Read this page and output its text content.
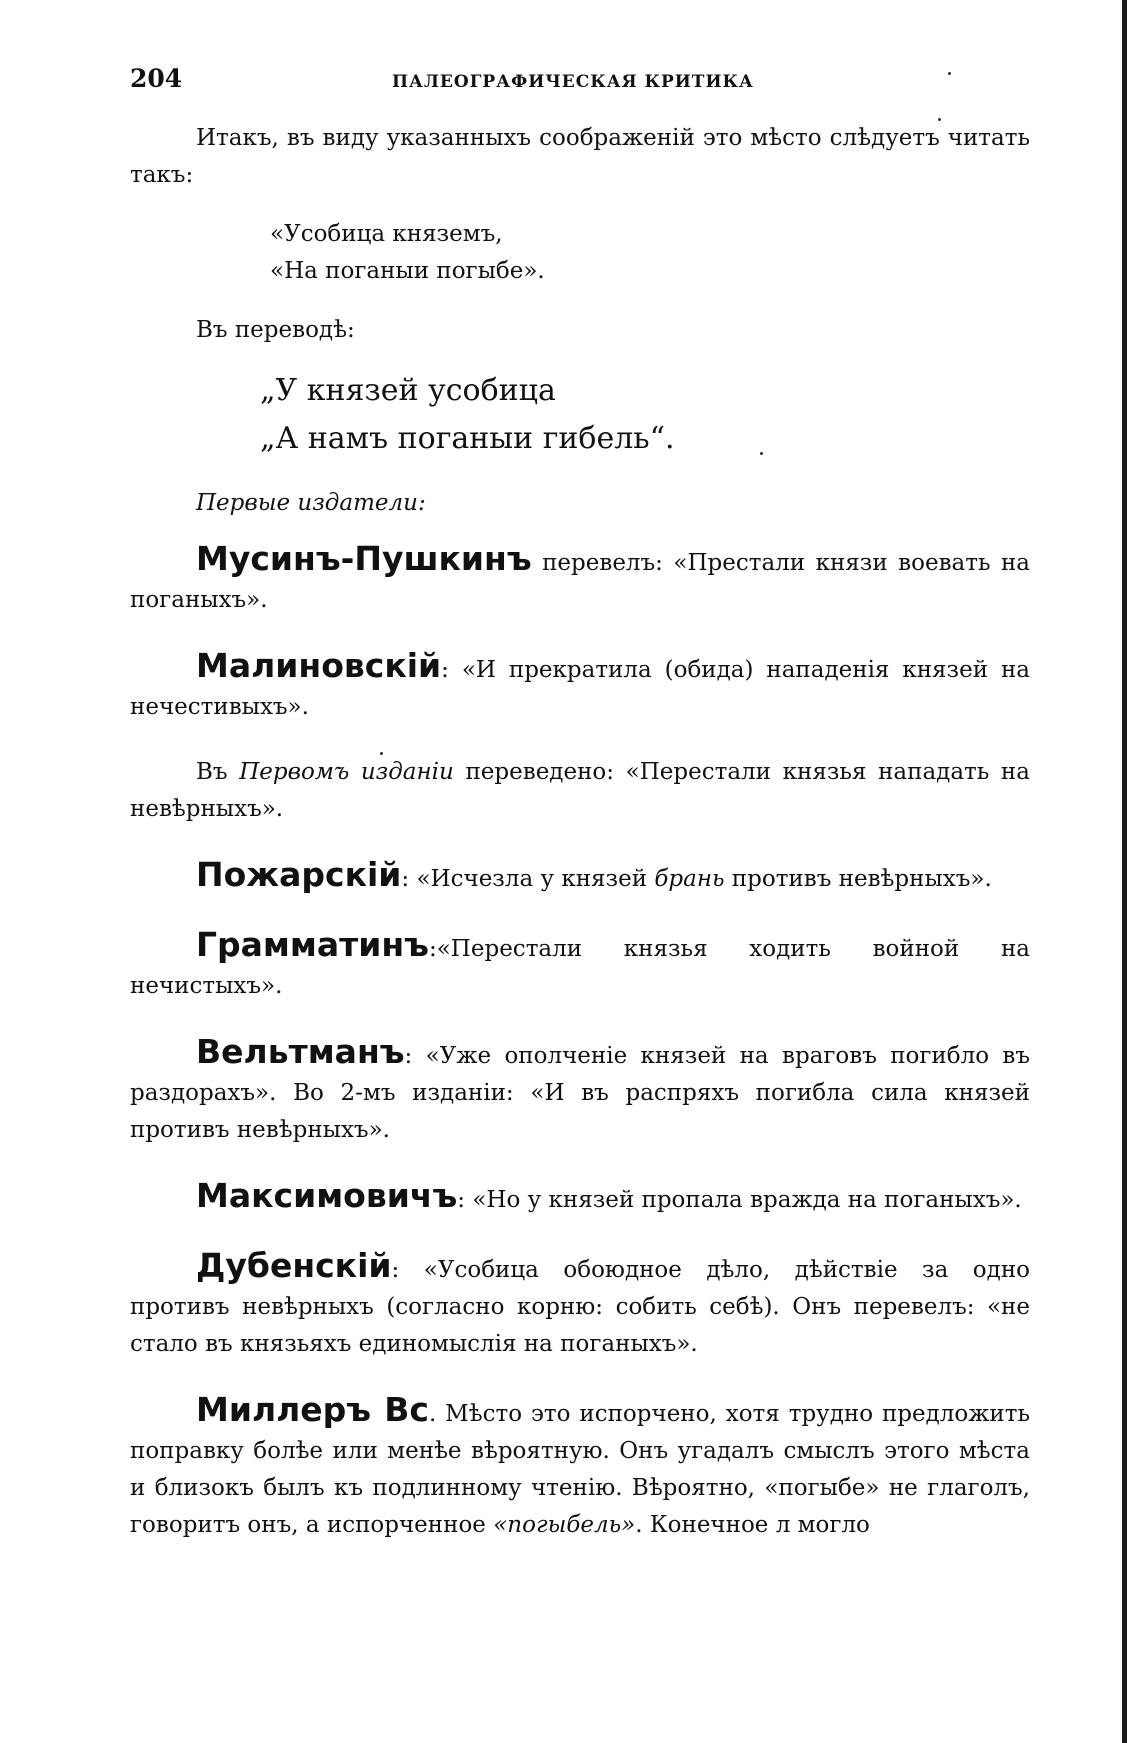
204	ПАЛЕОГРАФИЧЕСКАЯ КРИТИКА

Итакъ, въ виду указанныхъ соображеній это мѣсто слѣдуетъ читать такъ:

«Усобица княземъ,
«На поганыи погыбе».

Въ переводѣ:

„У князей усобица
„А намъ поганыи гибель“.

Первые издатели:

Мусинъ-Пушкинъ перевелъ: «Престали князи воевать на поганыхъ».

Малиновскій: «И прекратила (обида) нападенія князей на нечестивыхъ».

Въ Первомъ изданіи переведено: «Перестали князья нападать на невѣрныхъ».

Пожарскій: «Исчезла у князей брань противъ невѣрныхъ».

Грамматинъ:«Перестали князья ходить войной на нечистыхъ».

Вельтманъ: «Уже ополченіе князей на враговъ погибло въ раздорахъ». Во 2-мъ изданіи: «И въ распряхъ погибла сила князей противъ невѣрныхъ».

Максимовичъ: «Но у князей пропала вражда на поганыхъ».

Дубенскій: «Усобица обоюдное дѣло, дѣйствіе за одно противъ невѣрныхъ (согласно корню: собить себѣ). Онъ перевелъ: «не стало въ князьяхъ единомыслія на поганыхъ».

Миллеръ Вс. Мѣсто это испорчено, хотя трудно предложить поправку болѣе или менѣе вѣроятную. Онъ угадалъ смыслъ этого мѣста и близокъ былъ къ подлинному чтенію. Вѣроятно, «погыбе» не глаголъ, говоритъ онъ, а испорченное «погыбель». Конечное л могло
